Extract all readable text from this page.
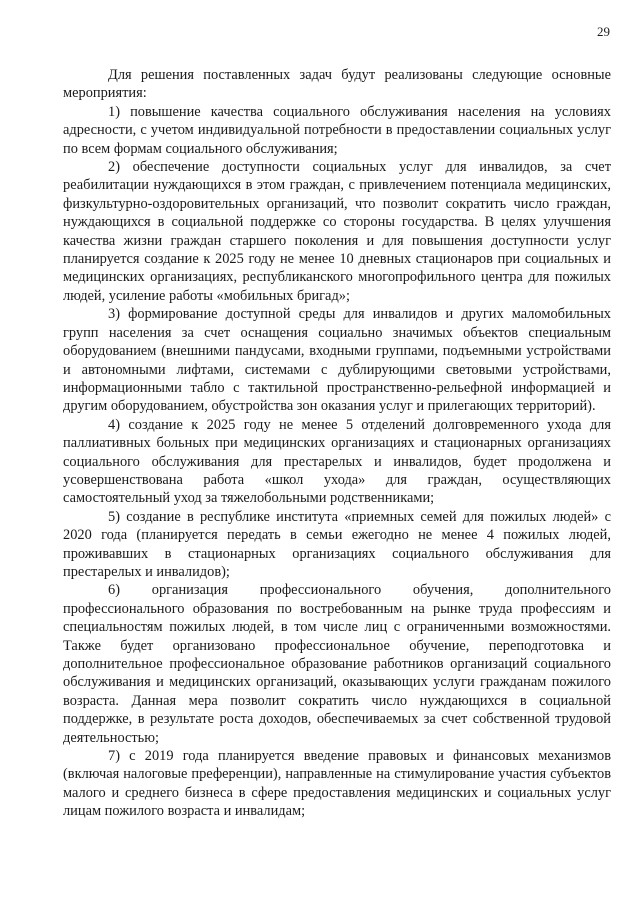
29

Для решения поставленных задач будут реализованы следующие основные мероприятия:

1) повышение качества социального обслуживания населения на условиях адресности, с учетом индивидуальной потребности в предоставлении социальных услуг по всем формам социального обслуживания;

2) обеспечение доступности социальных услуг для инвалидов, за счет реабилитации нуждающихся в этом граждан, с привлечением потенциала медицинских, физкультурно-оздоровительных организаций, что позволит сократить число граждан, нуждающихся в социальной поддержке со стороны государства. В целях улучшения качества жизни граждан старшего поколения и для повышения доступности услуг планируется создание к 2025 году не менее 10 дневных стационаров при социальных и медицинских организациях, республиканского многопрофильного центра для пожилых людей, усиление работы «мобильных бригад»;

3) формирование доступной среды для инвалидов и других маломобильных групп населения за счет оснащения социально значимых объектов специальным оборудованием (внешними пандусами, входными группами, подъемными устройствами и автономными лифтами, системами с дублирующими световыми устройствами, информационными табло с тактильной пространственно-рельефной информацией и другим оборудованием, обустройства зон оказания услуг и прилегающих территорий).

4) создание к 2025 году не менее 5 отделений долговременного ухода для паллиативных больных при медицинских организациях и стационарных организациях социального обслуживания для престарелых и инвалидов, будет продолжена и усовершенствована работа «школ ухода» для граждан, осуществляющих самостоятельный уход за тяжелобольными родственниками;

5) создание в республике института «приемных семей для пожилых людей» с 2020 года (планируется передать в семьи ежегодно не менее 4 пожилых людей, проживавших в стационарных организациях социального обслуживания для престарелых и инвалидов);

6) организация профессионального обучения, дополнительного профессионального образования по востребованным на рынке труда профессиям и специальностям пожилых людей, в том числе лиц с ограниченными возможностями. Также будет организовано профессиональное обучение, переподготовка и дополнительное профессиональное образование работников организаций социального обслуживания и медицинских организаций, оказывающих услуги гражданам пожилого возраста. Данная мера позволит сократить число нуждающихся в социальной поддержке, в результате роста доходов, обеспечиваемых за счет собственной трудовой деятельностью;

7) с 2019 года планируется введение правовых и финансовых механизмов (включая налоговые преференции), направленные на стимулирование участия субъектов малого и среднего бизнеса в сфере предоставления медицинских и социальных услуг лицам пожилого возраста и инвалидам;
